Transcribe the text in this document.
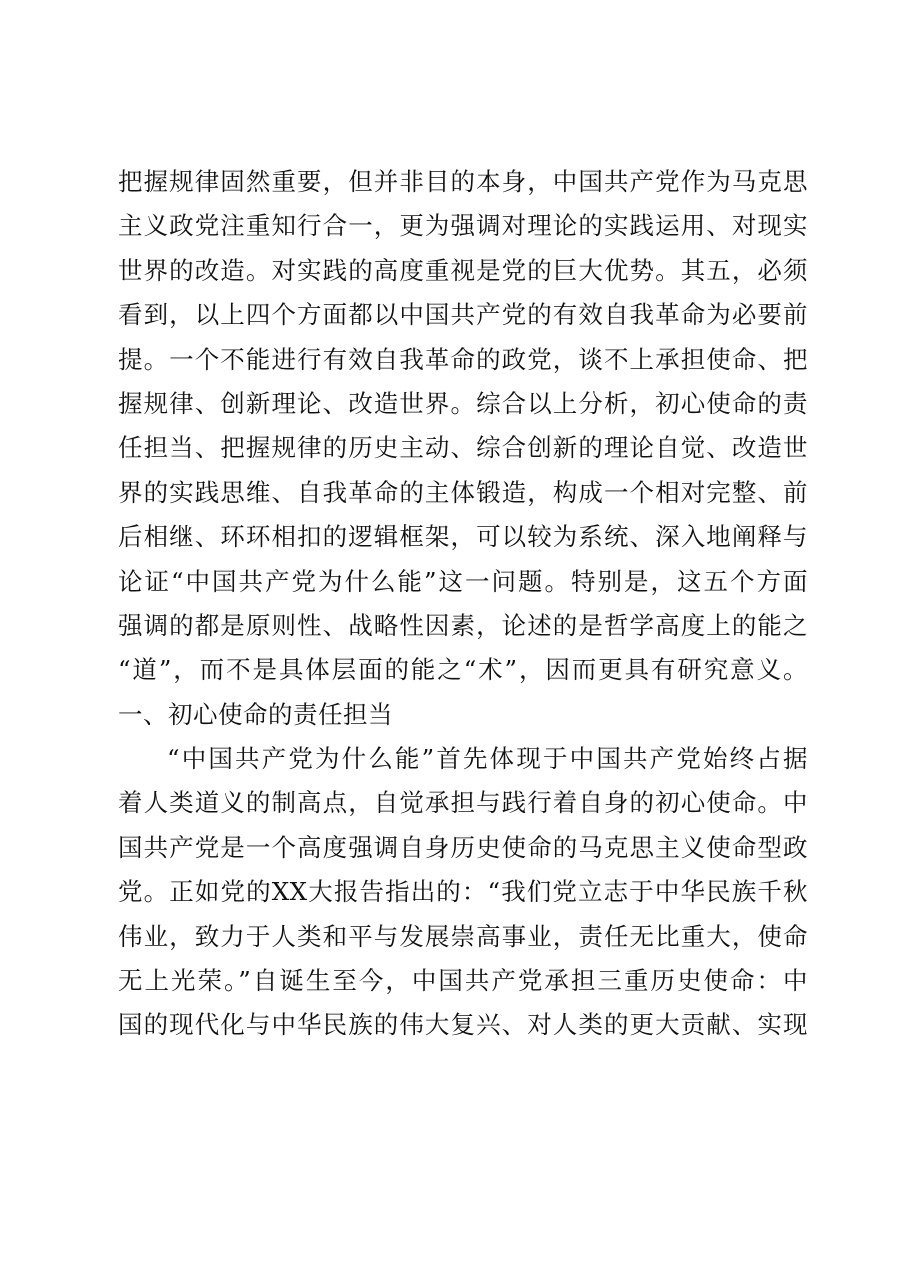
把握规律固然重要，但并非目的本身，中国共产党作为马克思
主义政党注重知行合一，更为强调对理论的实践运用、对现实
世界的改造。对实践的高度重视是党的巨大优势。其五，必须
看到，以上四个方面都以中国共产党的有效自我革命为必要前
提。一个不能进行有效自我革命的政党，谈不上承担使命、把
握规律、创新理论、改造世界。综合以上分析，初心使命的责
任担当、把握规律的历史主动、综合创新的理论自觉、改造世
界的实践思维、自我革命的主体锻造，构成一个相对完整、前
后相继、环环相扣的逻辑框架，可以较为系统、深入地阐释与
论证“中国共产党为什么能”这一问题。特别是，这五个方面
强调的都是原则性、战略性因素，论述的是哲学高度上的能之
“道”，而不是具体层面的能之“术”，因而更具有研究意义。
一、初心使命的责任担当
“中国共产党为什么能”首先体现于中国共产党始终占据
着人类道义的制高点，自觉承担与践行着自身的初心使命。中
国共产党是一个高度强调自身历史使命的马克思主义使命型政
党。正如党的XX大报告指出的：“我们党立志于中华民族千秋
伟业，致力于人类和平与发展崇高事业，责任无比重大，使命
无上光荣。”自诞生至今，中国共产党承担三重历史使命：中
国的现代化与中华民族的伟大复兴、对人类的更大贡献、实现
